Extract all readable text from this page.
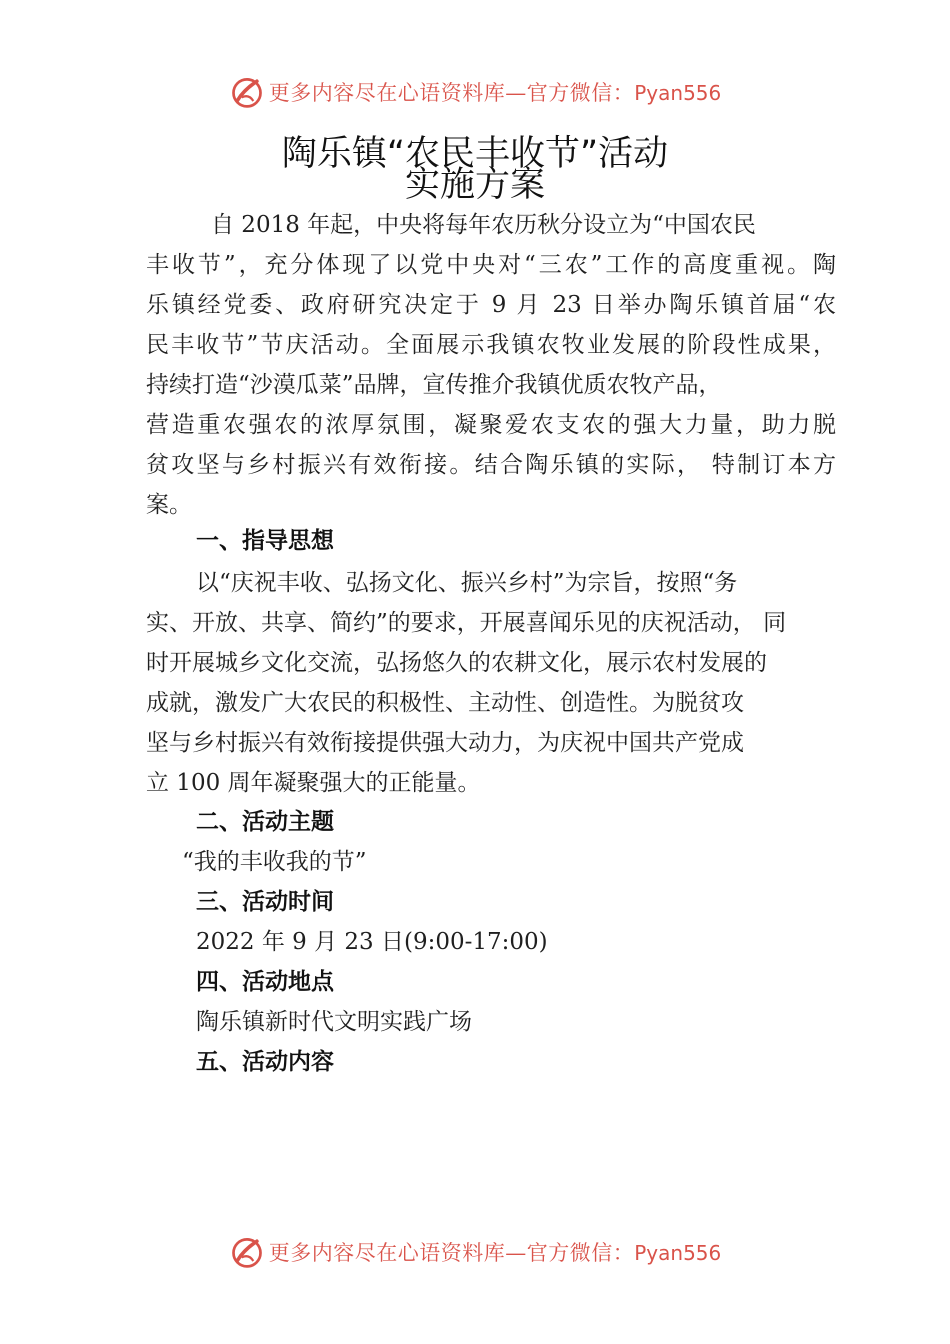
更多内容尽在心语资料库—官方微信：Pyan556
陶乐镇“农民丰收节”活动
实施方案
自 2018 年起，中央将每年农历秋分设立为“中国农民
丰收节”，充分体现了以党中央对“三农”工作的高度重视。陶
乐镇经党委、政府研究决定于 9 月 23 日举办陶乐镇首届“农
民丰收节”节庆活动。全面展示我镇农牧业发展的阶段性成果，
持续打造“沙漠瓜菜”品牌，宣传推介我镇优质农牧产品，
营造重农强农的浓厚氛围，凝聚爱农支农的强大力量，助力脱
贫攻坚与乡村振兴有效衔接。结合陶乐镇的实际， 特制订本方
案。
一、指导思想
以“庆祝丰收、弘扬文化、振兴乡村”为宗旨，按照“务
实、开放、共享、简约”的要求，开展喜闻乐见的庆祝活动， 同
时开展城乡文化交流，弘扬悠久的农耕文化，展示农村发展的
成就，激发广大农民的积极性、主动性、创造性。为脱贫攻
坚与乡村振兴有效衔接提供强大动力，为庆祝中国共产党成
立 100 周年凝聚强大的正能量。
二、活动主题
“我的丰收我的节”
三、活动时间
2022 年 9 月 23 日(9:00-17:00)
四、活动地点
陶乐镇新时代文明实践广场
五、活动内容
更多内容尽在心语资料库—官方微信：Pyan556
